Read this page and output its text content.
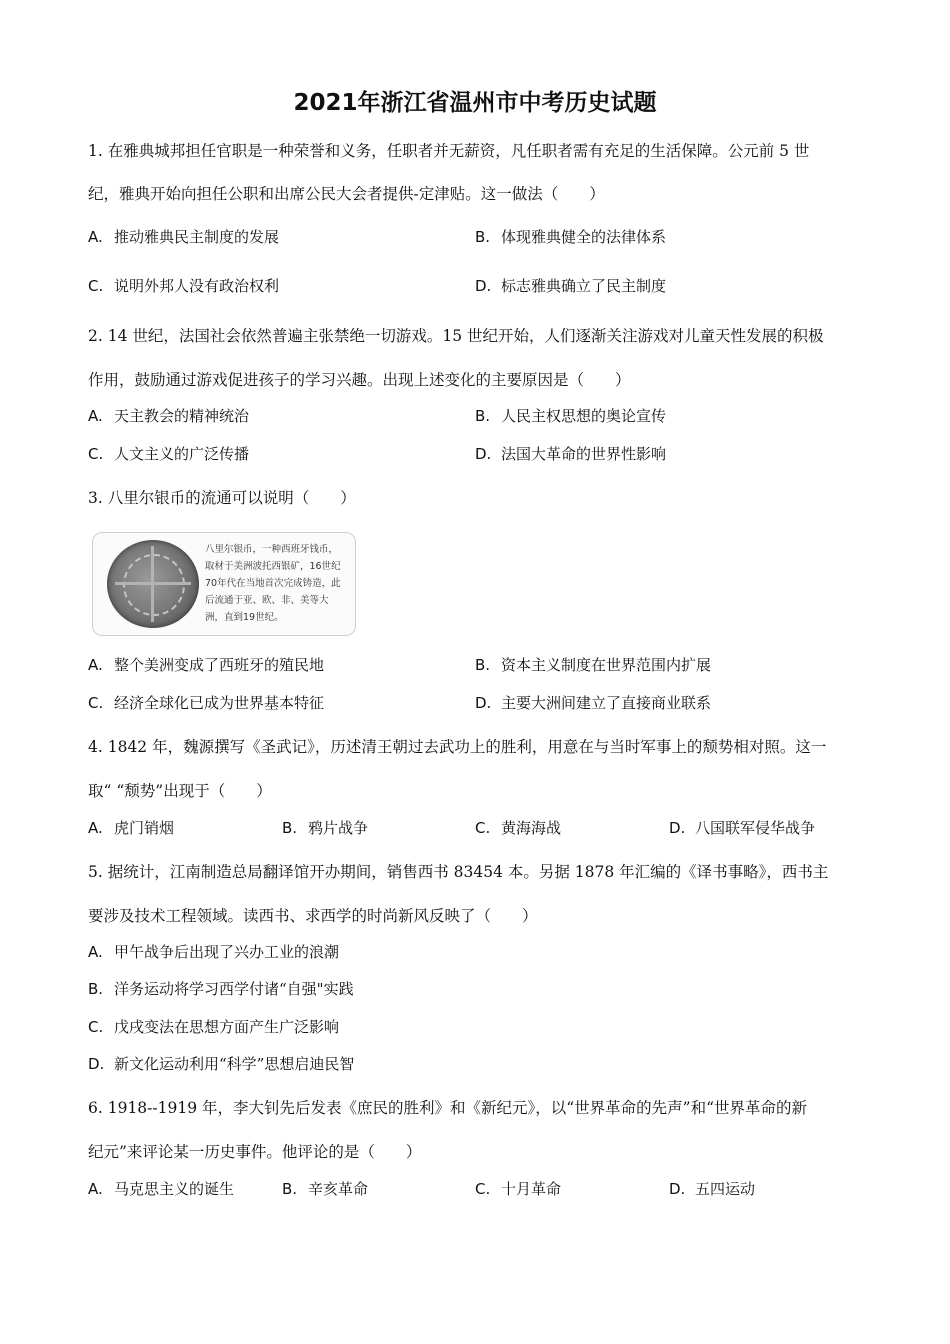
2021年浙江省温州市中考历史试题
1. 在雅典城邦担任官职是一种荣誉和义务，任职者并无薪资，凡任职者需有充足的生活保障。公元前 5 世
纪，雅典开始向担任公职和出席公民大会者提供-定津贴。这一做法（　　）
A. 推动雅典民主制度的发展	B. 体现雅典健全的法律体系
C. 说明外邦人没有政治权利	D. 标志雅典确立了民主制度
2. 14 世纪，法国社会依然普遍主张禁绝一切游戏。15 世纪开始，人们逐渐关注游戏对儿童天性发展的积极
作用，鼓励通过游戏促进孩子的学习兴趣。出现上述变化的主要原因是（　　）
A. 天主教会的精神统治	B. 人民主权思想的奥论宣传
C. 人文主义的广泛传播	D. 法国大革命的世界性影响
3. 八里尔银币的流通可以说明（　　）
八里尔银币，一种西班牙钱币，取材于美洲波托西银矿，16世纪70年代在当地首次完成铸造，此后流通于亚、欧、非、美等大洲，直到19世纪。
A. 整个美洲变成了西班牙的殖民地	B. 资本主义制度在世界范围内扩展
C. 经济全球化已成为世界基本特征	D. 主要大洲间建立了直接商业联系
4. 1842 年，魏源撰写《圣武记》，历述清王朝过去武功上的胜利，用意在与当时军事上的颓势相对照。这一
取“ “颓势”出现于（　　）
A. 虎门销烟	B. 鸦片战争	C. 黄海海战	D. 八国联军侵华战争
5. 据统计，江南制造总局翻译馆开办期间，销售西书 83454 本。另据 1878 年汇编的《译书事略》，西书主
要涉及技术工程领域。读西书、求西学的时尚新风反映了（　　）
A. 甲午战争后出现了兴办工业的浪潮
B. 洋务运动将学习西学付诸“自强"实践
C. 戊戌变法在思想方面产生广泛影响
D. 新文化运动利用“科学”思想启迪民智
6. 1918--1919 年，李大钊先后发表《庶民的胜利》和《新纪元》，以“世界革命的先声”和“世界革命的新
纪元”来评论某一历史事件。他评论的是（　　）
A. 马克思主义的诞生	B. 辛亥革命	C. 十月革命	D. 五四运动
